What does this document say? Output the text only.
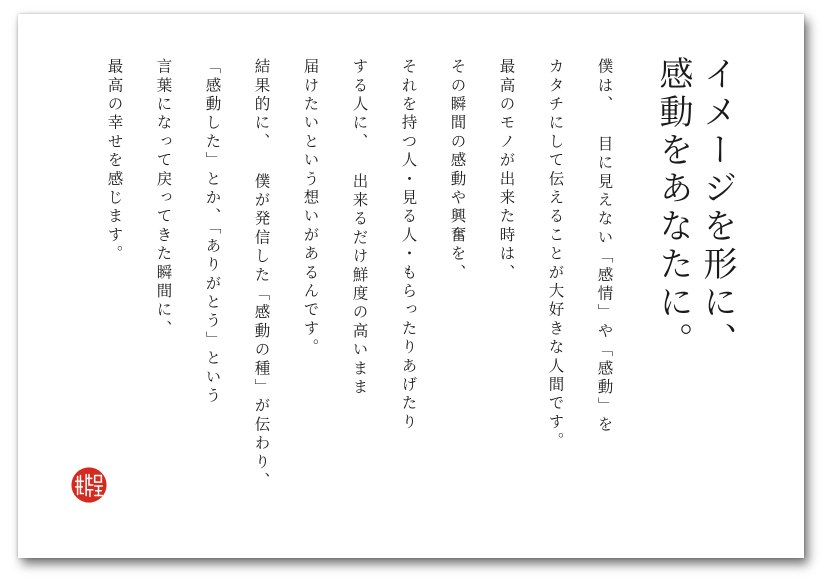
イメージを形に、
感動をあなたに。
僕は、 目に見えない「感情」や「感動」を
カタチにして伝えることが大好きな人間です。
最高のモノが出来た時は、
その瞬間の感動や興奮を、
それを持つ人・見る人・もらったりあげたり
する人に、 出来るだけ鮮度の高いまま
届けたいという想いがあるんです。
結果的に、 僕が発信した「感動の種」が伝わり、
「感動した」とか、「ありがとう」という
言葉になって戻ってきた瞬間に、
最高の幸せを感じます。
